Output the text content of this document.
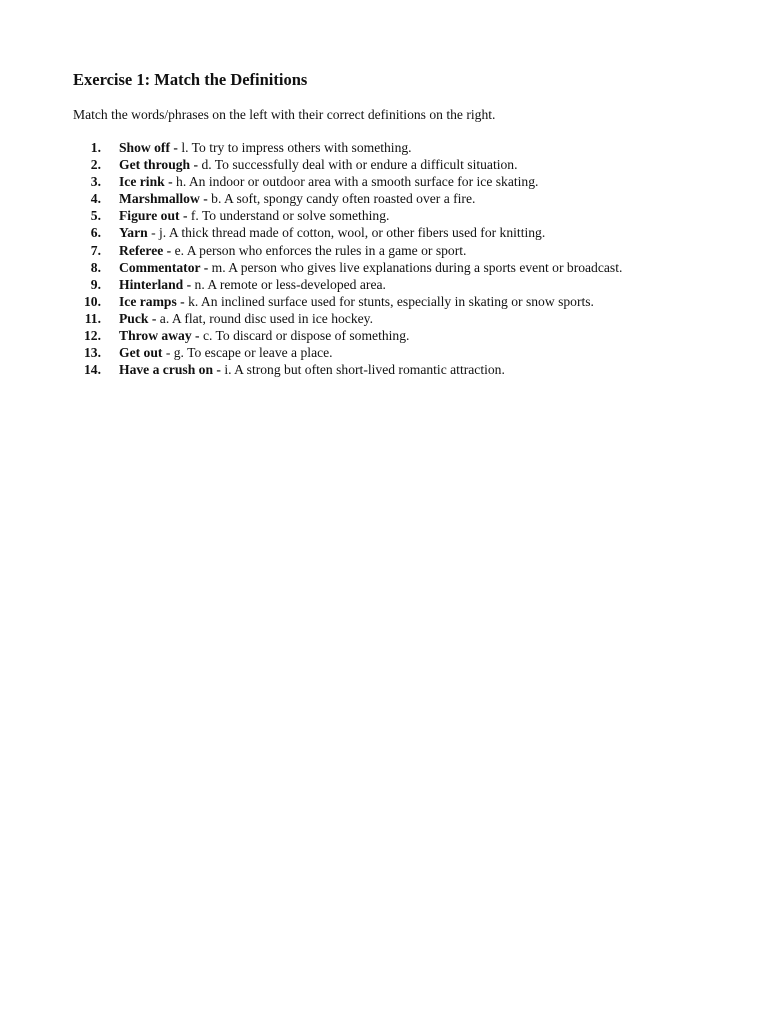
Exercise 1: Match the Definitions

Match the words/phrases on the left with their correct definitions on the right.

1. Show off - l. To try to impress others with something.
2. Get through - d. To successfully deal with or endure a difficult situation.
3. Ice rink - h. An indoor or outdoor area with a smooth surface for ice skating.
4. Marshmallow - b. A soft, spongy candy often roasted over a fire.
5. Figure out - f. To understand or solve something.
6. Yarn - j. A thick thread made of cotton, wool, or other fibers used for knitting.
7. Referee - e. A person who enforces the rules in a game or sport.
8. Commentator - m. A person who gives live explanations during a sports event or broadcast.
9. Hinterland - n. A remote or less-developed area.
10. Ice ramps - k. An inclined surface used for stunts, especially in skating or snow sports.
11. Puck - a. A flat, round disc used in ice hockey.
12. Throw away - c. To discard or dispose of something.
13. Get out - g. To escape or leave a place.
14. Have a crush on - i. A strong but often short-lived romantic attraction.
